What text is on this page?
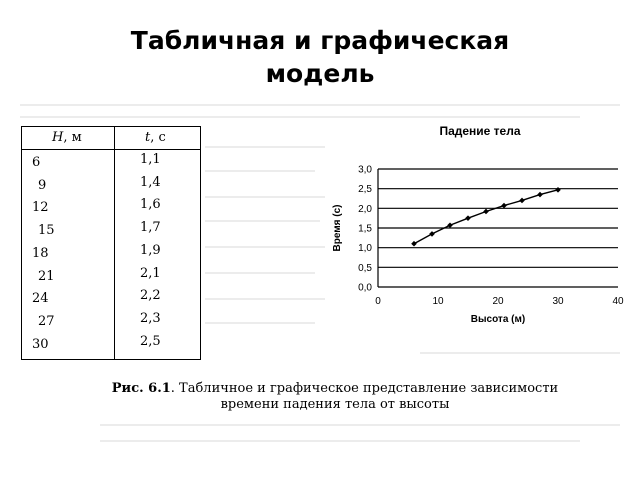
Табличная и графическая
модель
H, м	t, с
6	1,1
9	1,4
12	1,6
15	1,7
18	1,9
21	2,1
24	2,2
27	2,3
30	2,5
Падение тела
0,0
0,5
1,0
1,5
2,0
2,5
3,0
0	10	20	30	40
Высота (м)
Время (с)
Рис. 6.1. Табличное и графическое представление зависимости
времени падения тела от высоты
